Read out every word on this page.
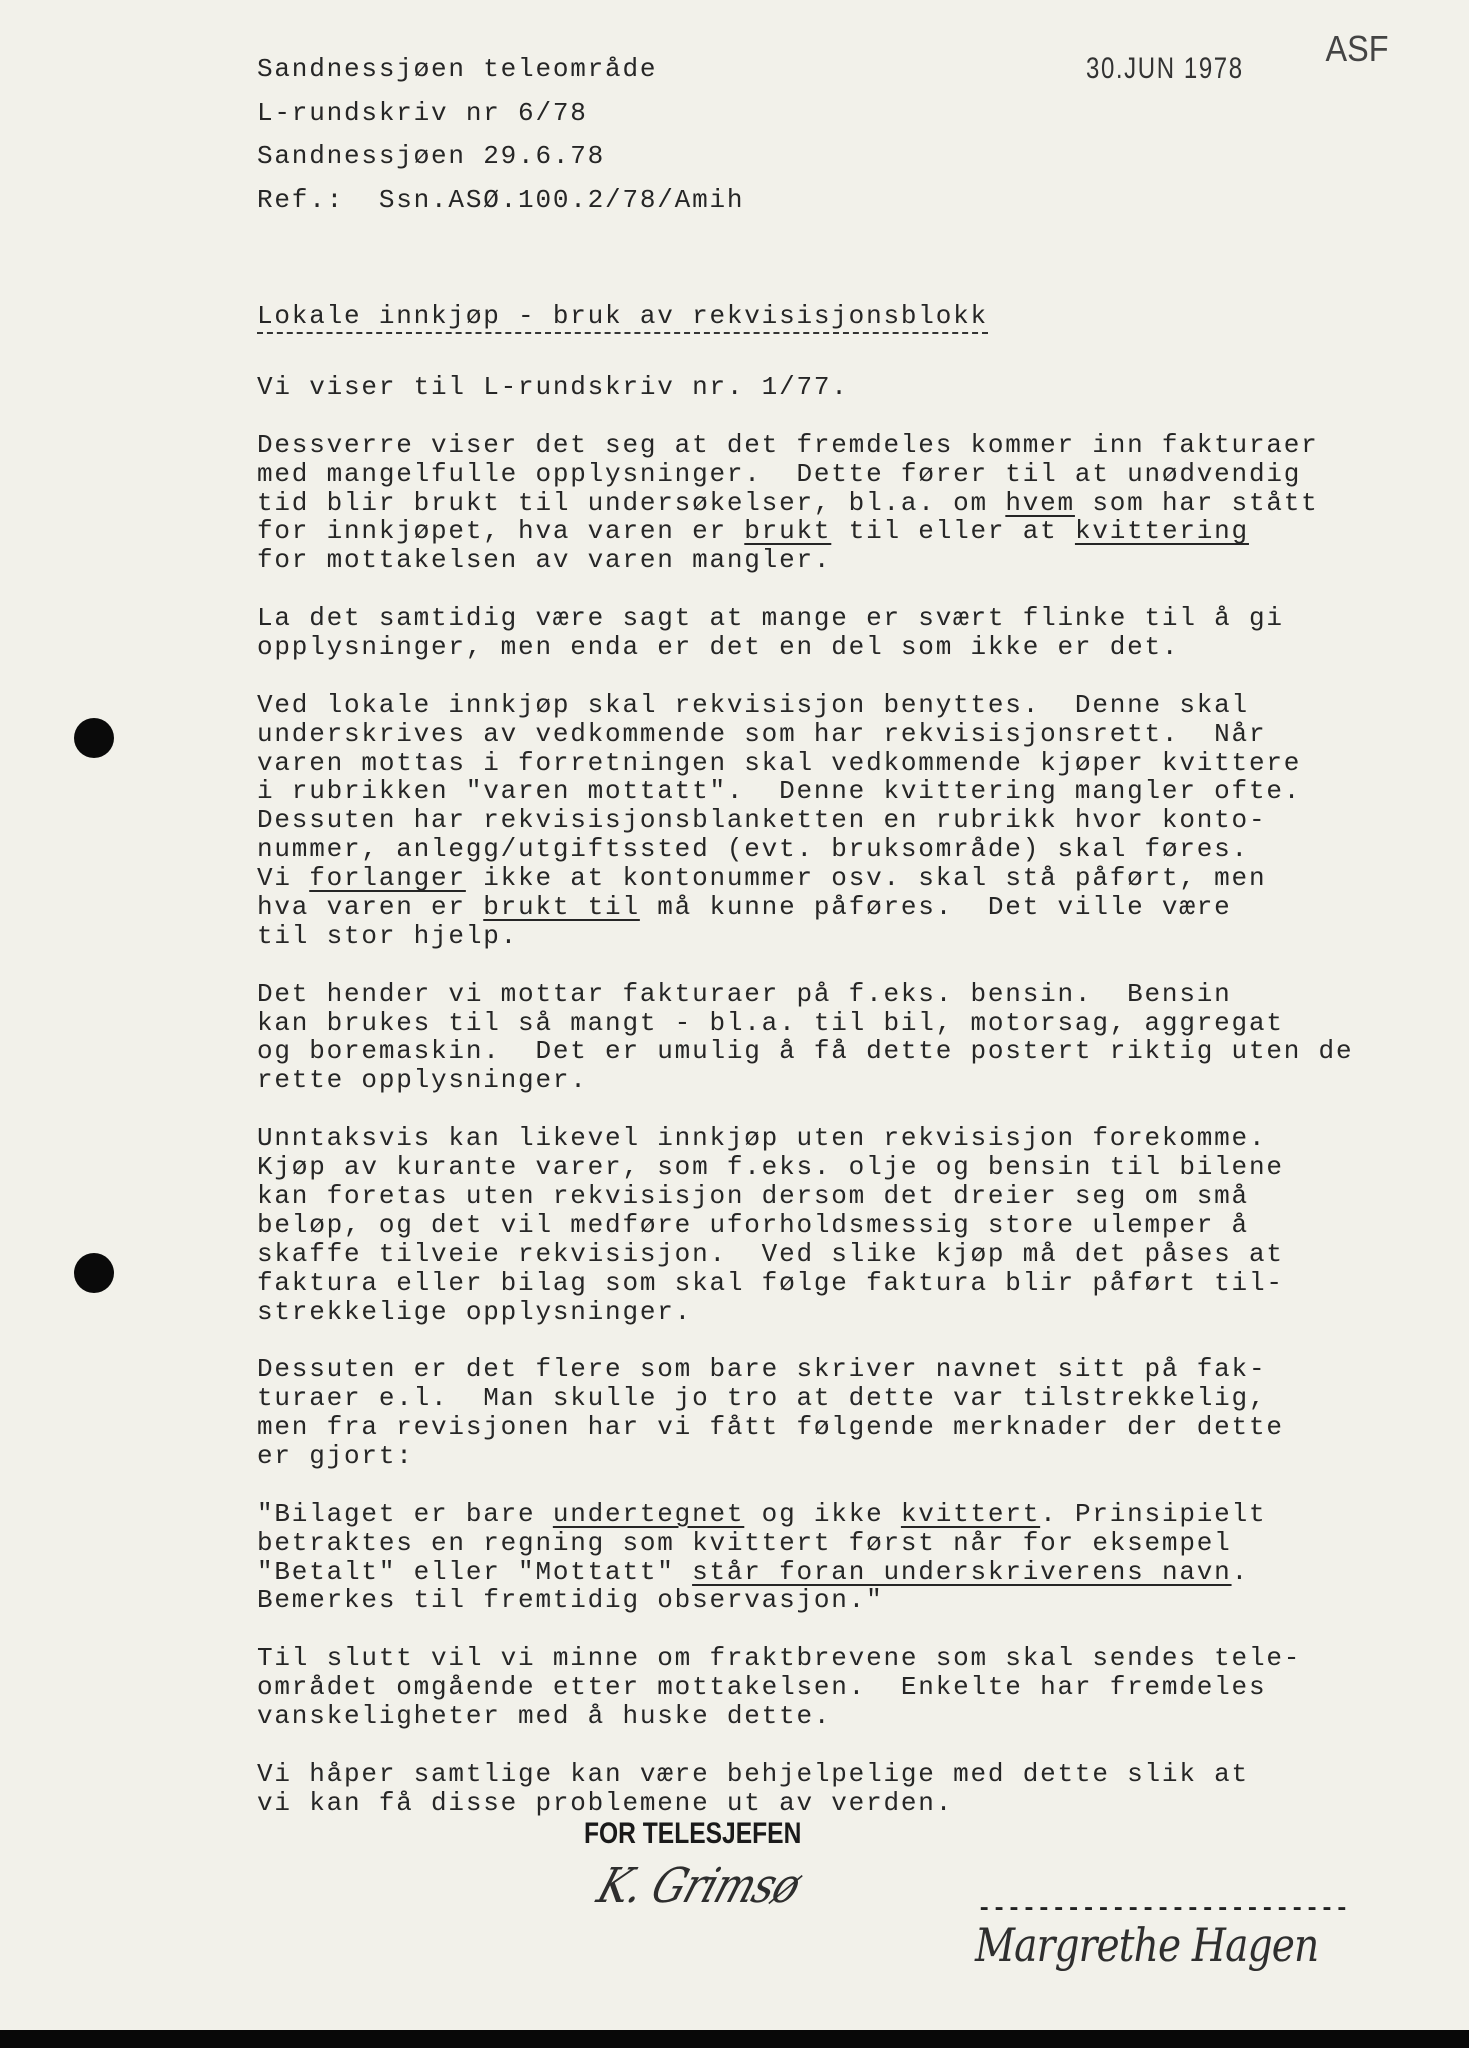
Sandnessjøen teleområde
L-rundskriv nr 6/78
Sandnessjøen 29.6.78
Ref.:  Ssn.ASØ.100.2/78/Amih
30.JUN 1978 ASF
Lokale innkjøp - bruk av rekvisisjonsblokk
Vi viser til L-rundskriv nr. 1/77.
Dessverre viser det seg at det fremdeles kommer inn fakturaer
med mangelfulle opplysninger.  Dette fører til at unødvendig
tid blir brukt til undersøkelser, bl.a. om hvem som har stått
for innkjøpet, hva varen er brukt til eller at kvittering
for mottakelsen av varen mangler.
La det samtidig være sagt at mange er svært flinke til å gi
opplysninger, men enda er det en del som ikke er det.
Ved lokale innkjøp skal rekvisisjon benyttes.  Denne skal
underskrives av vedkommende som har rekvisisjonsrett.  Når
varen mottas i forretningen skal vedkommende kjøper kvittere
i rubrikken "varen mottatt".  Denne kvittering mangler ofte.
Dessuten har rekvisisjonsblanketten en rubrikk hvor konto-
nummer, anlegg/utgiftssted (evt. bruksområde) skal føres.
Vi forlanger ikke at kontonummer osv. skal stå påført, men
hva varen er brukt til må kunne påføres.  Det ville være
til stor hjelp.
Det hender vi mottar fakturaer på f.eks. bensin.  Bensin
kan brukes til så mangt - bl.a. til bil, motorsag, aggregat
og boremaskin.  Det er umulig å få dette postert riktig uten de
rette opplysninger.
Unntaksvis kan likevel innkjøp uten rekvisisjon forekomme.
Kjøp av kurante varer, som f.eks. olje og bensin til bilene
kan foretas uten rekvisisjon dersom det dreier seg om små
beløp, og det vil medføre uforholdsmessig store ulemper å
skaffe tilveie rekvisisjon.  Ved slike kjøp må det påses at
faktura eller bilag som skal følge faktura blir påført til-
strekkelige opplysninger.
Dessuten er det flere som bare skriver navnet sitt på fak-
turaer e.l.  Man skulle jo tro at dette var tilstrekkelig,
men fra revisjonen har vi fått følgende merknader der dette
er gjort:
"Bilaget er bare undertegnet og ikke kvittert. Prinsipielt
betraktes en regning som kvittert først når for eksempel
"Betalt" eller "Mottatt" står foran underskriverens navn.
Bemerkes til fremtidig observasjon."
Til slutt vil vi minne om fraktbrevene som skal sendes tele-
området omgående etter mottakelsen.  Enkelte har fremdeles
vanskeligheter med å huske dette.
Vi håper samtlige kan være behjelpelige med dette slik at
vi kan få disse problemene ut av verden.
FOR TELESJEFEN
K. Grimsø	-------------------------
Margrethe Hagen
